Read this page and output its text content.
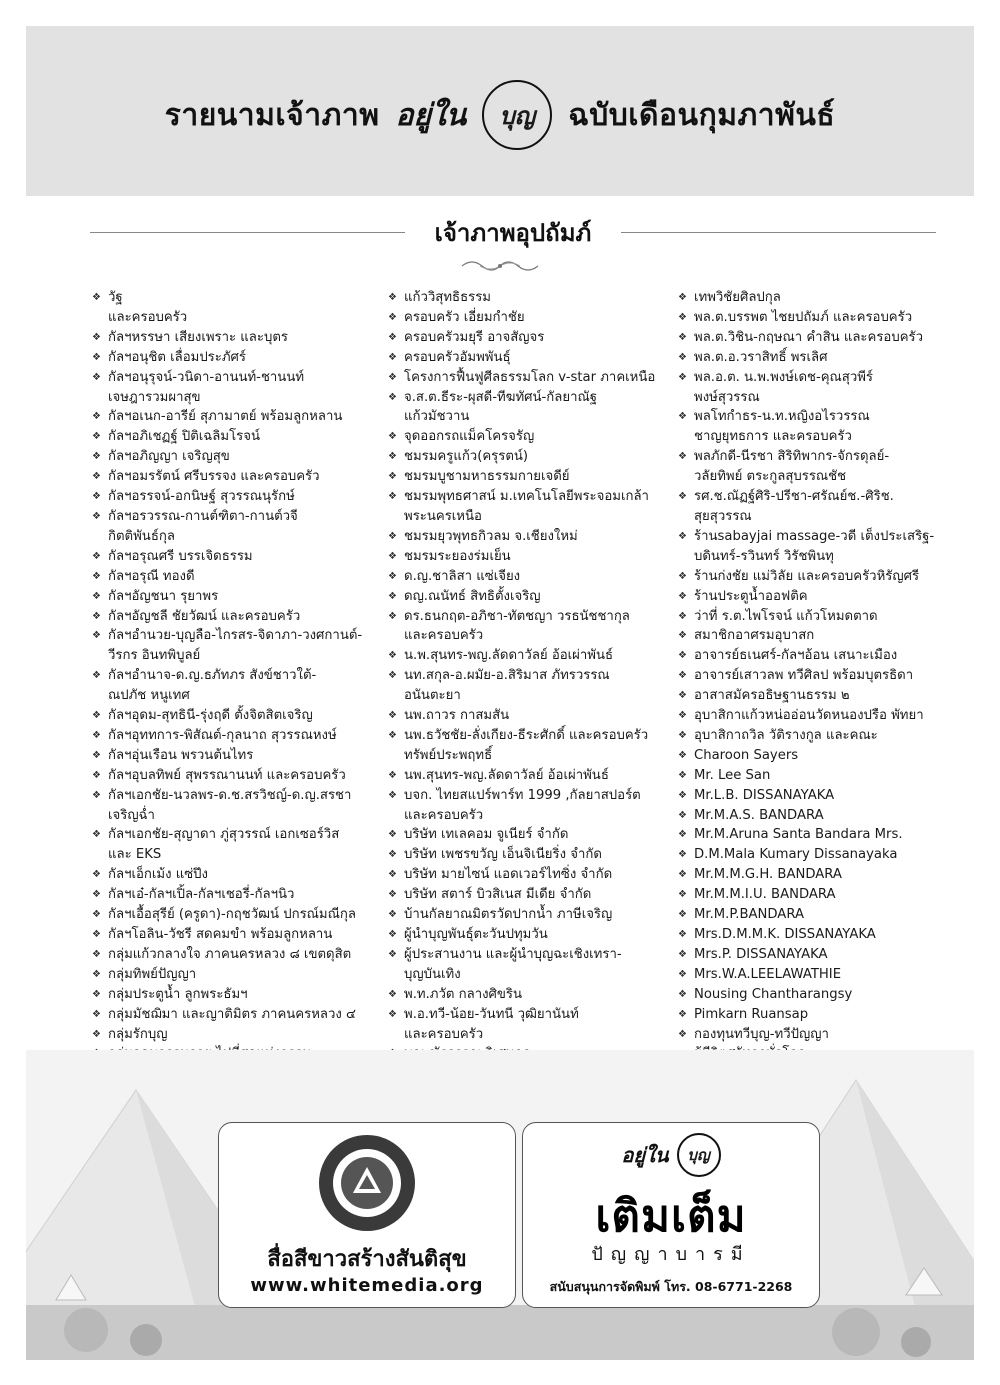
รายนามเจ้าภาพ อยู่ใน	บุญ	ฉบับเดือนกุมภาพันธ์
เจ้าภาพอุปถัมภ์
❖ วัฐ
และครอบครัว
❖ กัลฯหรรษา เสียงเพราะ และบุตร
❖ กัลฯอนุชิต เลื่อมประภัศร์
❖ กัลฯอนุรุจน์-วนิดา-อานนท์-ชานนท์
เจษฎารวมผาสุข
❖ กัลฯอเนก-อารีย์ สุภามาตย์ พร้อมลูกหลาน
❖ กัลฯอภิเชฏฐ์ ปิติเฉลิมโรจน์
❖ กัลฯอภิญญา เจริญสุข
❖ กัลฯอมรรัตน์ ศรีบรรจง และครอบครัว
❖ กัลฯอรรจน์-อกนิษฐ์ สุวรรณนุรักษ์
❖ กัลฯอรวรรณ-กานต์ฑิตา-กานต์วจี
กิตติพันธ์กุล
❖ กัลฯอรุณศรี บรรเจิดธรรม
❖ กัลฯอรุณี ทองดี
❖ กัลฯอัญชนา รุยาพร
❖ กัลฯอัญชลี ชัยวัฒน์ และครอบครัว
❖ กัลฯอำนวย-บุญลือ-ไกรสร-จิดาภา-วงศกานต์-
วีรกร อินทพิบูลย์
❖ กัลฯอำนาจ-ด.ญ.ธภัทภร สังข์ชาวใต้-
ณปภัช หนูเทศ
❖ กัลฯอุดม-สุทธินี-รุ่งฤดี ตั้งจิตสิตเจริญ
❖ กัลฯอุททการ-พิสัณต์-กุลนาถ สุวรรณหงษ์
❖ กัลฯอุ่นเรือน พรวนต้นไทร
❖ กัลฯอุบลทิพย์ สุพรรณานนท์ และครอบครัว
❖ กัลฯเอกชัย-นวลพร-ด.ช.สรวิชญ์-ด.ญ.สรชา
เจริญฉ่ำ
❖ กัลฯเอกชัย-สุญาดา ภู่สุวรรณ์ เอกเซอร์วิส
และ EKS
❖ กัลฯเอ็กเม้ง แซ่ปึง
❖ กัลฯเอ๋-กัลฯเปิ้ล-กัลฯเชอรี่-กัลฯนิว
❖ กัลฯเอื้อสุรีย์ (ครูดา)-กฤชวัฒน์ ปกรณ์มณีกุล
❖ กัลฯโอลิน-วัชรี สดคมขำ พร้อมลูกหลาน
❖ กลุ่มแก้วกลางใจ ภาคนครหลวง ๘ เขตดุสิต
❖ กลุ่มทิพย์ปัญญา
❖ กลุ่มประตูน้ำ ลูกพระธัมฯ
❖ กลุ่มมัชฌิมา และญาติมิตร ภาคนครหลวง ๔
❖ กลุ่มรักบุญ
❖ แก้ววิสุทธิธรรม
❖ ครอบครัว เอี่ยมกำชัย
❖ ครอบครัวมยุรี อาจสัญจร
❖ ครอบครัวอัมพพันธุ์
❖ โครงการฟื้นฟูศีลธรรมโลก v-star ภาคเหนือ
❖ จ.ส.ต.ธีระ-ผุสดี-ทีฆทัศน์-กัลยาณัฐ
แก้วมัชวาน
❖ จุดออกรถแม็คโครจรัญ
❖ ชมรมครูแก้ว(ครุรตน์)
❖ ชมรมบูชามหาธรรมกายเจดีย์
❖ ชมรมพุทธศาสน์ ม.เทคโนโลยีพระจอมเกล้า
พระนครเหนือ
❖ ชมรมยุวพุทธกิวลม จ.เชียงใหม่
❖ ชมรมระยองร่มเย็น
❖ ด.ญ.ชาลิสา แซ่เจียง
❖ ดญ.ณนัทธ์ สิทธิตั้งเจริญ
❖ ดร.ธนกฤต-อภิชา-ทัตชญา วรธนัชชากุล
และครอบครัว
❖ น.พ.สุนทร-พญ.ลัดดาวัลย์ อ้อเผ่าพันธ์
❖ นท.สกุล-อ.ผมัย-อ.สิริมาส ภัทรวรรณ
อนันตะยา
❖ นพ.ถาวร กาสมสัน
❖ นพ.ธวัชชัย-ลั่งเกียง-ธีระศักดิ์ และครอบครัว
ทรัพย์ประพฤทธิ์
❖ นพ.สุนทร-พญ.ลัดดาวัลย์ อ้อเผ่าพันธ์
❖ บจก. ไทยสแปร์พาร์ท 1999 ,กัลยาสปอร์ต
และครอบครัว
❖ บริษัท เทเลคอม จูเนียร์ จำกัด
❖ บริษัท เพชรขวัญ เอ็นจิเนียริ่ง จำกัด
❖ บริษัท มายไซน์ แอดเวอร์ไทซิ่ง จำกัด
❖ บริษัท สตาร์ บิวสิเนส มีเดีย จำกัด
❖ บ้านกัลยาณมิตรวัดปากน้ำ ภาษีเจริญ
❖ ผู้นำบุญพันธุ์ตะวันปทุมวัน
❖ ผู้ประสานงาน และผู้นำบุญฉะเชิงเทรา-
บุญบันเทิง
❖ พ.ท.ภวัต กลางศิขริน
❖ พ.อ.ทวี-น้อย-วันทนี วุฒิยานันท์
และครอบครัว
❖ เทพวิชัยศิลปกุล
❖ พล.ต.บรรพต ไชยปถัมภ์ และครอบครัว
❖ พล.ต.วิชิน-กฤษณา คำสิน และครอบครัว
❖ พล.ต.อ.วราสิทธิ์ พรเลิศ
❖ พล.อ.ต. น.พ.พงษ์เดช-คุณสุวพีร์
พงษ์สุวรรณ
❖ พลโทกำธร-น.ท.หญิงอไรวรรณ
ชาญยุทธการ และครอบครัว
❖ พลภักดี-นีรชา สิริทิพากร-จักรดุลย์-
วลัยทิพย์ ตระกูลสุบรรณชัช
❖ รศ.ช.ณัฏฐ์ศิริ-ปรีชา-ศรัณย์ช.-ศิริช.
สุยสุวรรณ
❖ ร้านsabayjai massage-วดี เต็งประเสริฐ-
บดินทร์-รวินทร์ วิรัชพินทุ
❖ ร้านก่งชัย แม่วิลัย และครอบครัวหิรัญศรี
❖ ร้านประตูน้ำออฟติค
❖ ว่าที่ ร.ต.ไพโรจน์ แก้วโหมดตาด
❖ สมาชิกอาศรมอุบาสก
❖ อาจารย์ธเนศร์-กัลฯอ้อน เสนาะเมือง
❖ อาจารย์เสาวลพ ทวีศิลป พร้อมบุตรธิดา
❖ อาสาสมัครอธิษฐานธรรม ๒
❖ อุบาสิกาแก้วหน่ออ่อนวัดหนองปรือ พัทยา
❖ อุบาสิกาถวิล วัติรางกูล และคณะ
❖ Charoon Sayers
❖ Mr. Lee San
❖ Mr.L.B. DISSANAYAKA
❖ Mr.M.A.S. BANDARA
❖ Mr.M.Aruna Santa Bandara Mrs.
❖ D.M.Mala Kumary Dissanayaka
❖ Mr.M.M.G.H. BANDARA
❖ Mr.M.M.I.U. BANDARA
❖ Mr.M.P.BANDARA
❖ Mrs.D.M.M.K. DISSANAYAKA
❖ Mrs.P. DISSANAYAKA
❖ Mrs.W.A.LEELAWATHIE
❖ Nousing Chantharangsy
❖ Pimkarn Ruansap
❖ กองทุนทวีบุญ-ทวีปัญญา

สื่อสีขาวสร้างสันติสุข
www.whitemedia.org
อยู่ใน	บุญ
เติมเต็ม
ปัญญาบารมี
สนับสนุนการจัดพิมพ์ โทร. 08-6771-2268
